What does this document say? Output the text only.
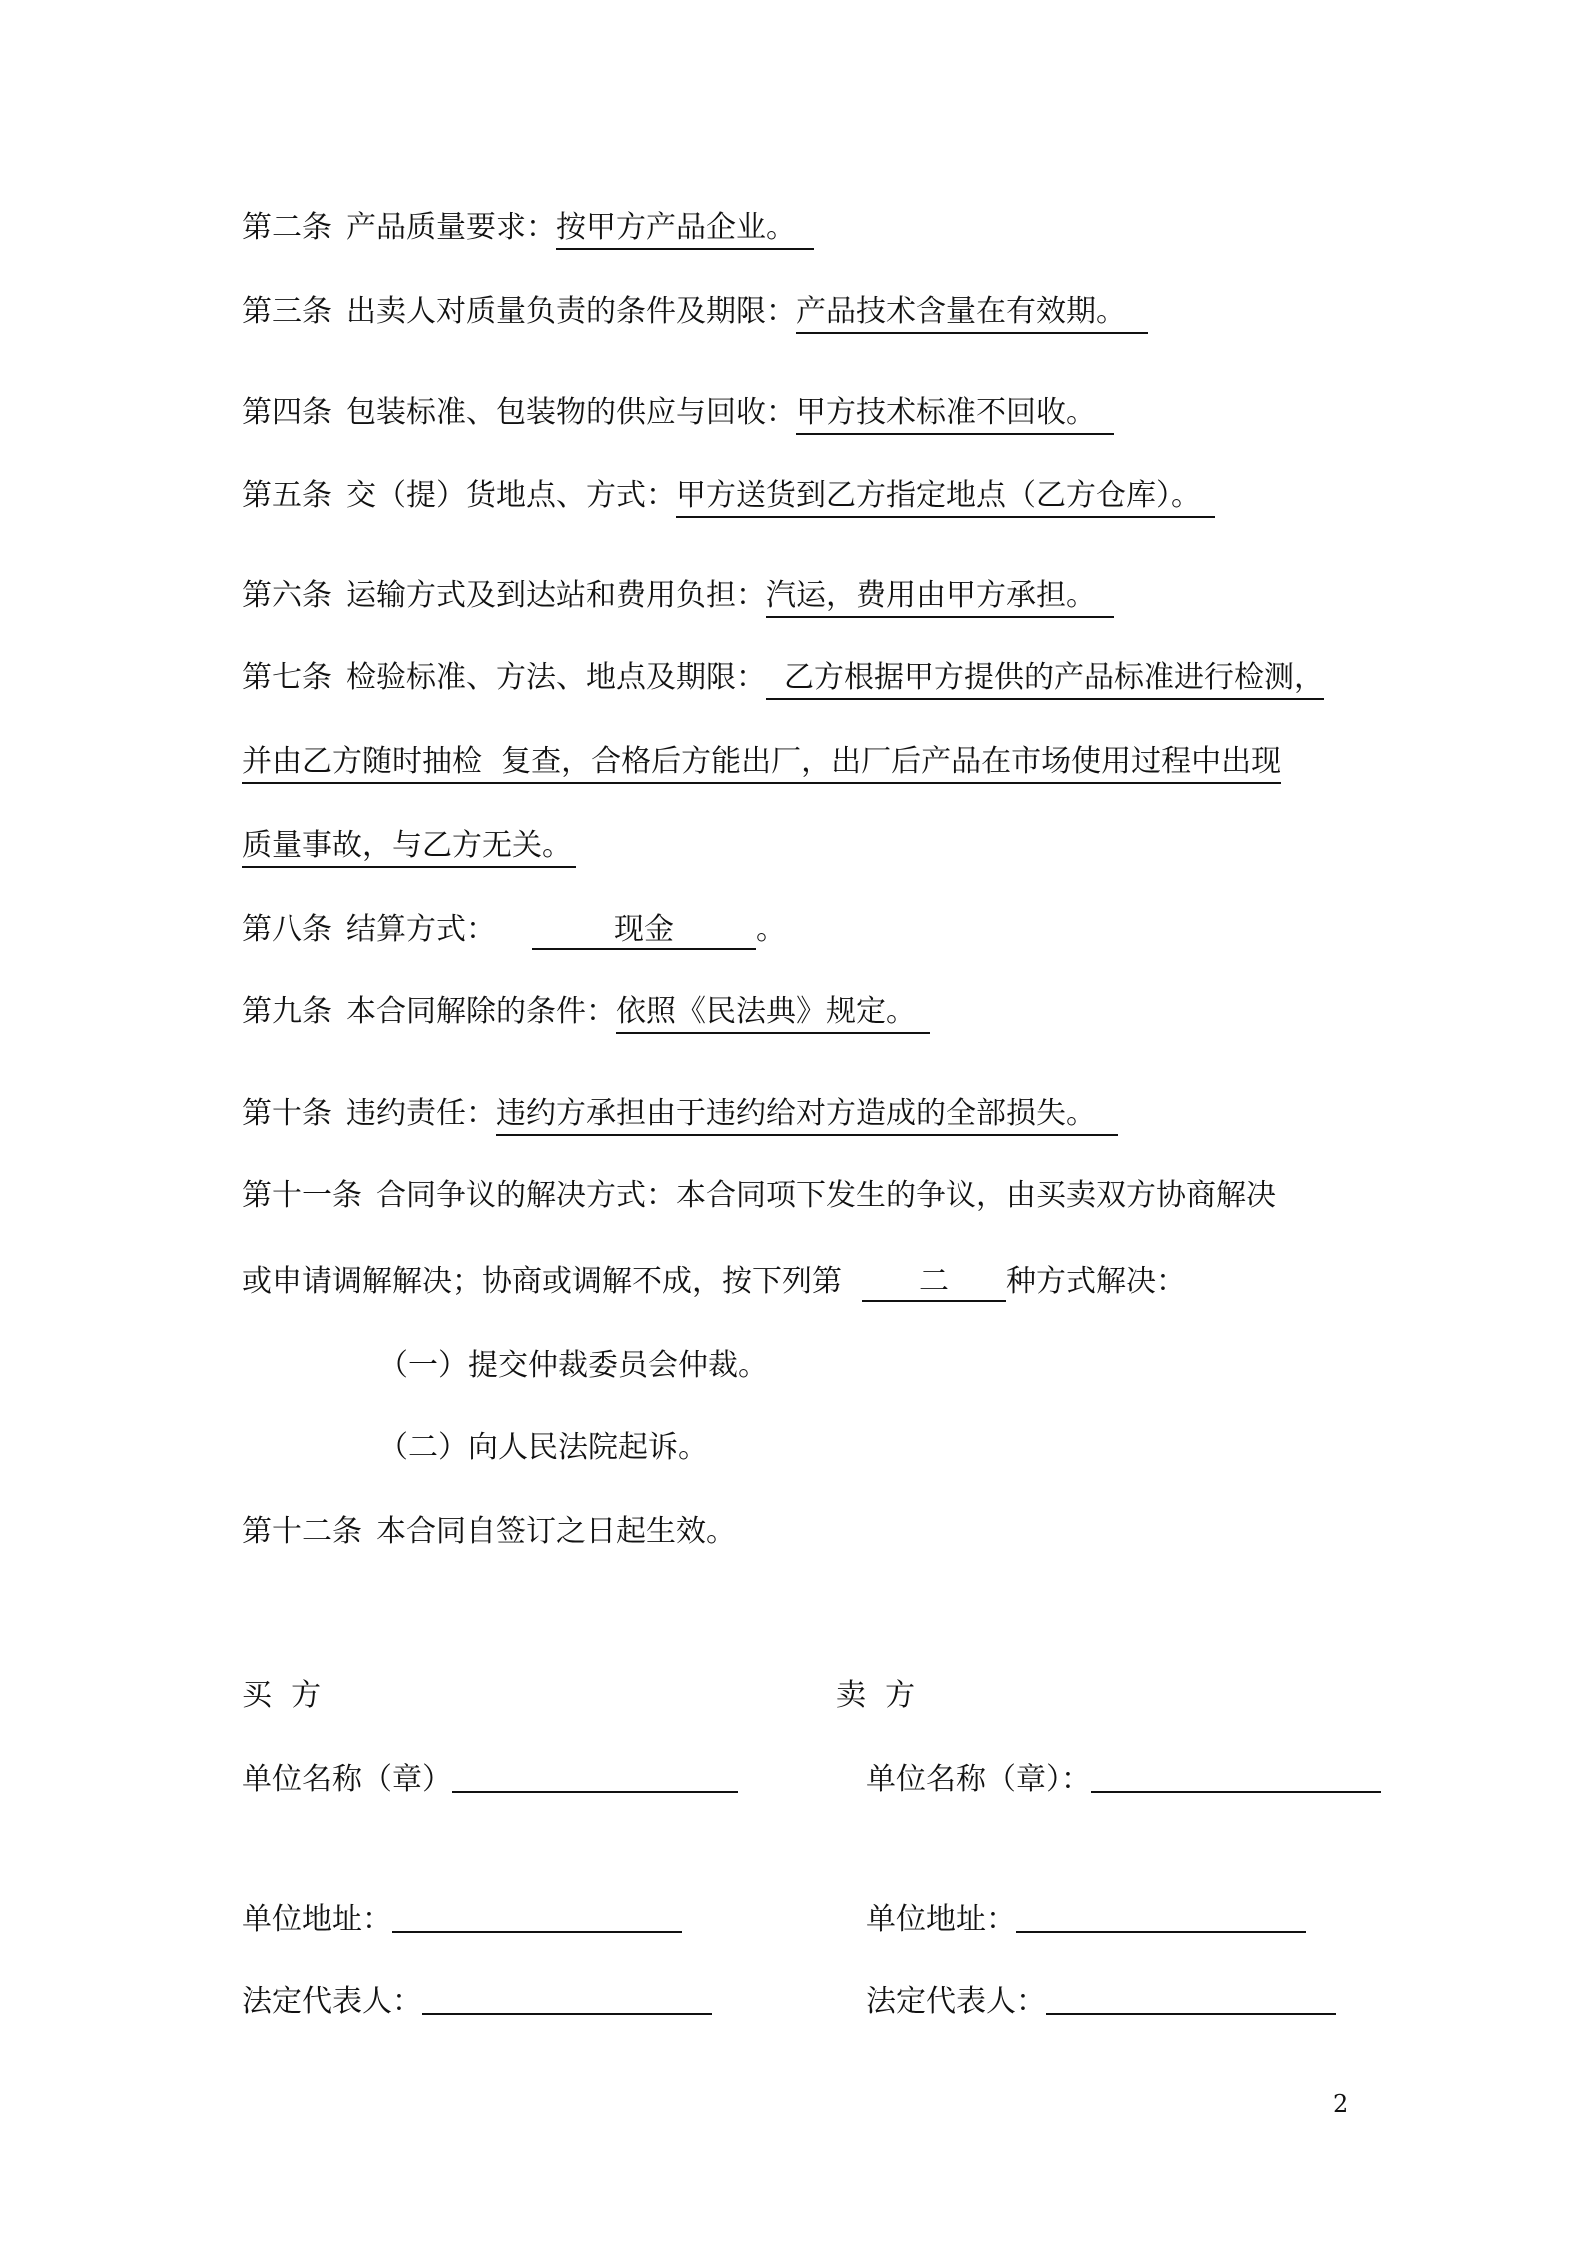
第二条 产品质量要求：按甲方产品企业。
第三条 出卖人对质量负责的条件及期限：产品技术含量在有效期。
第四条 包装标准、包装物的供应与回收：甲方技术标准不回收。
第五条 交（提）货地点、方式：甲方送货到乙方指定地点（乙方仓库）。
第六条 运输方式及到达站和费用负担：汽运，费用由甲方承担。
第七条 检验标准、方法、地点及期限： 乙方根据甲方提供的产品标准进行检测，
并由乙方随时抽检  复查，合格后方能出厂，出厂后产品在市场使用过程中出现
质量事故，与乙方无关。
第八条 结算方式：	现金	。
第九条 本合同解除的条件：依照《民法典》规定。
第十条 违约责任：违约方承担由于违约给对方造成的全部损失。
第十一条 合同争议的解决方式：本合同项下发生的争议，由买卖双方协商解决
或申请调解解决；协商或调解不成，按下列第	二 种方式解决：
（一）提交仲裁委员会仲裁。
（二）向人民法院起诉。
第十二条 本合同自签订之日起生效。
买  方
单位名称（章）
单位地址：
法定代表人：
卖  方
单位名称（章）：
单位地址：
法定代表人：
2
